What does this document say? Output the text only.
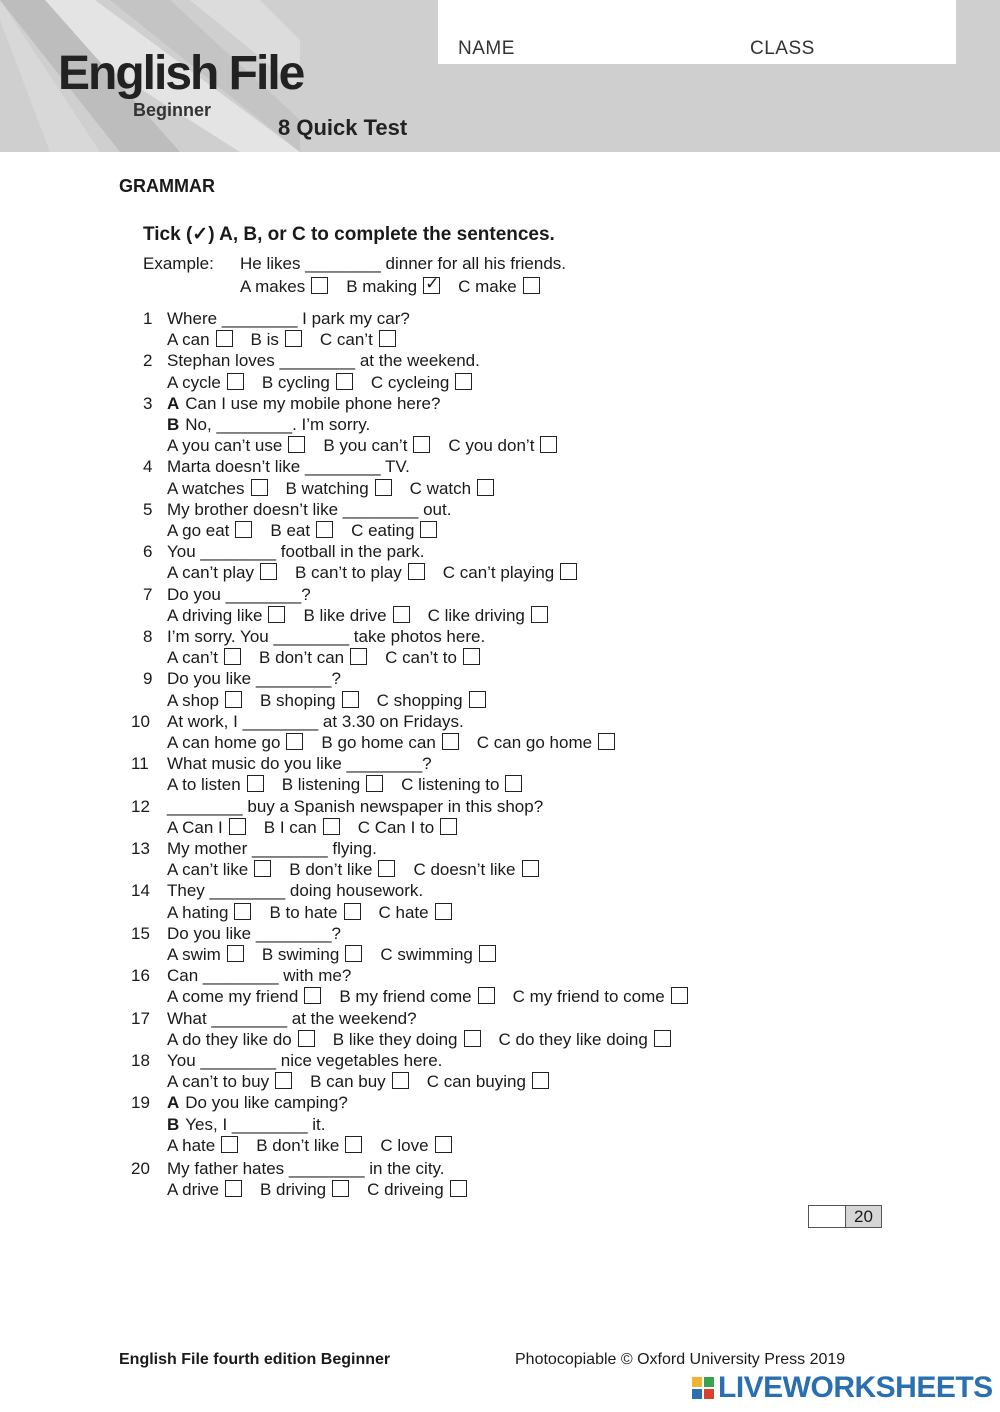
NAME	CLASS
English File
Beginner
8 Quick Test
GRAMMAR
Tick (✓) A, B, or C to complete the sentences.
Example: He likes ________ dinner for all his friends.
A makes B making✓ C make
1 Where ________ I park my car?
A can B is C can’t
2 Stephan loves ________ at the weekend.
A cycle B cycling C cycleing
3 A Can I use my mobile phone here?
B No, ________. I’m sorry.
A you can’t use B you can’t C you don’t
4 Marta doesn’t like ________ TV.
A watches B watching C watch
5 My brother doesn’t like ________ out.
A go eat B eat C eating
6 You ________ football in the park.
A can’t play B can’t to play C can’t playing
7 Do you ________?
A driving like B like drive C like driving
8 I’m sorry. You ________ take photos here.
A can’t B don’t can C can’t to
9 Do you like ________?
A shop B shoping C shopping
10 At work, I ________ at 3.30 on Fridays.
A can home go B go home can C can go home
11 What music do you like ________?
A to listen B listening C listening to
12 ________ buy a Spanish newspaper in this shop?
A Can I B I can C Can I to
13 My mother ________ flying.
A can’t like B don’t like C doesn’t like
14 They ________ doing housework.
A hating B to hate C hate
15 Do you like ________?
A swim B swiming C swimming
16 Can ________ with me?
A come my friend B my friend come C my friend to come
17 What ________ at the weekend?
A do they like do B like they doing C do they like doing
18 You ________ nice vegetables here.
A can’t to buy B can buy C can buying
19 A Do you like camping?
B Yes, I ________ it.
A hate B don’t like C love
20 My father hates ________ in the city.
A drive B driving C driveing
20
English File fourth edition Beginner	Photocopiable © Oxford University Press 2019
LIVEWORKSHEETS
